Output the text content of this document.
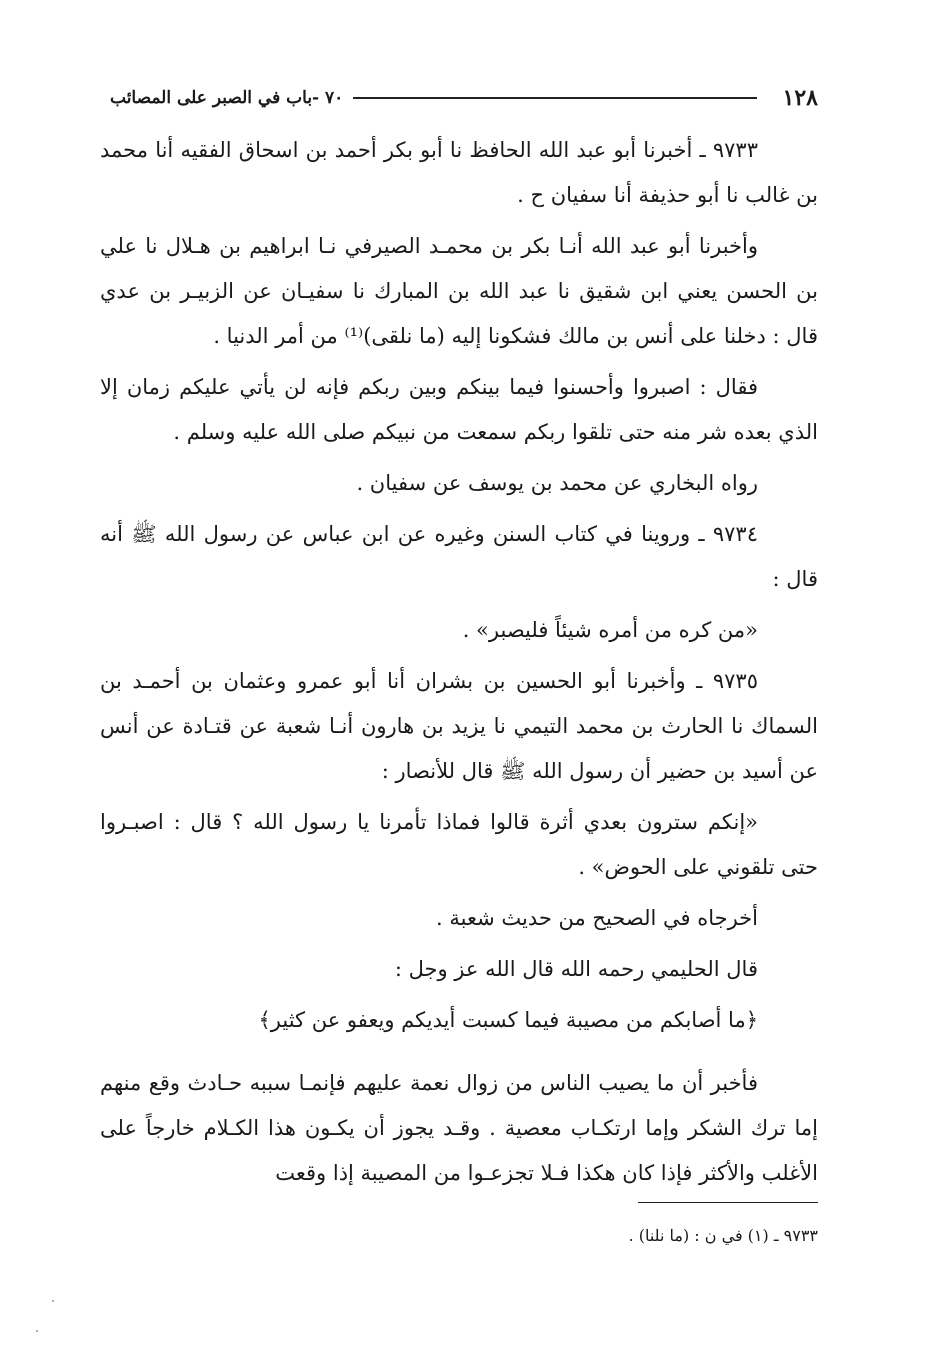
١٢٨
٧٠ -باب في الصبر على المصائب

٩٧٣٣ ـ أخبرنا أبو عبد الله الحافظ نا أبو بكر أحمد بن اسحاق الفقيه أنا محمد بن غالب نا أبو حذيفة أنا سفيان ح .

وأخبرنا أبو عبد الله أنـا بكر بن محمـد الصيرفي نـا ابراهيم بن هـلال نا علي بن الحسن يعني ابن شقيق نا عبد الله بن المبارك نا سفيـان عن الزبيـر بن عدي قال : دخلنا على أنس بن مالك فشكونا إليه (ما نلقى)⁽¹⁾ من أمر الدنيا .

فقال : اصبروا وأحسنوا فيما بينكم وبين ربكم فإنه لن يأتي عليكم زمان إلا الذي بعده شر منه حتى تلقوا ربكم سمعت من نبيكم صلى الله عليه وسلم .

رواه البخاري عن محمد بن يوسف عن سفيان .

٩٧٣٤ ـ وروينا في كتاب السنن وغيره عن ابن عباس عن رسول الله ﷺ أنه قال :

«من كره من أمره شيئاً فليصبر» .

٩٧٣٥ ـ وأخبرنا أبو الحسين بن بشران أنا أبو عمرو وعثمان بن أحمـد بن السماك نا الحارث بن محمد التيمي نا يزيد بن هارون أنـا شعبة عن قتـادة عن أنس عن أسيد بن حضير أن رسول الله ﷺ قال للأنصار :

«إنكم سترون بعدي أثرة قالوا فماذا تأمرنا يا رسول الله ؟ قال : اصبـروا حتى تلقوني على الحوض» .

أخرجاه في الصحيح من حديث شعبة .

قال الحليمي رحمه الله قال الله عز وجل :

﴿ما أصابكم من مصيبة فيما كسبت أيديكم ويعفو عن كثير﴾

فأخبر أن ما يصيب الناس من زوال نعمة عليهم فإنمـا سببه حـادث وقع منهم إما ترك الشكر وإما ارتكـاب معصية . وقـد يجوز أن يكـون هذا الكـلام خارجاً على الأغلب والأكثر فإذا كان هكذا فـلا تجزعـوا من المصيبة إذا وقعت

٩٧٣٣ ـ (١) في ن : (ما نلنا) .
